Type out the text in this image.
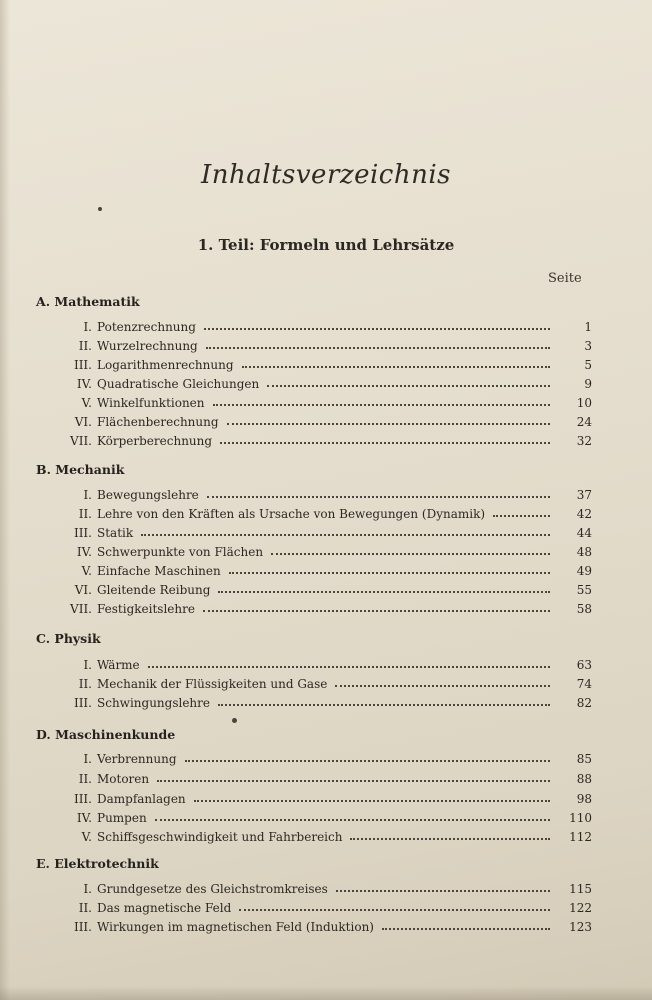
Inhaltsverzeichnis
1. Teil: Formeln und Lehrsätze
Seite
A. Mathematik
I. Potenzrechnung	1
II. Wurzelrechnung	3
III. Logarithmenrechnung	5
IV. Quadratische Gleichungen	9
V. Winkelfunktionen	10
VI. Flächenberechnung	24
VII. Körperberechnung	32
B. Mechanik
I. Bewegungslehre	37
II. Lehre von den Kräften als Ursache von Bewegungen (Dynamik)	42
III. Statik	44
IV. Schwerpunkte von Flächen	48
V. Einfache Maschinen	49
VI. Gleitende Reibung	55
VII. Festigkeitslehre	58
C. Physik
I. Wärme	63
II. Mechanik der Flüssigkeiten und Gase	74
III. Schwingungslehre	82
D. Maschinenkunde
I. Verbrennung	85
II. Motoren	88
III. Dampfanlagen	98
IV. Pumpen	110
V. Schiffsgeschwindigkeit und Fahrbereich	112
E. Elektrotechnik
I. Grundgesetze des Gleichstromkreises	115
II. Das magnetische Feld	122
III. Wirkungen im magnetischen Feld (Induktion)	123
